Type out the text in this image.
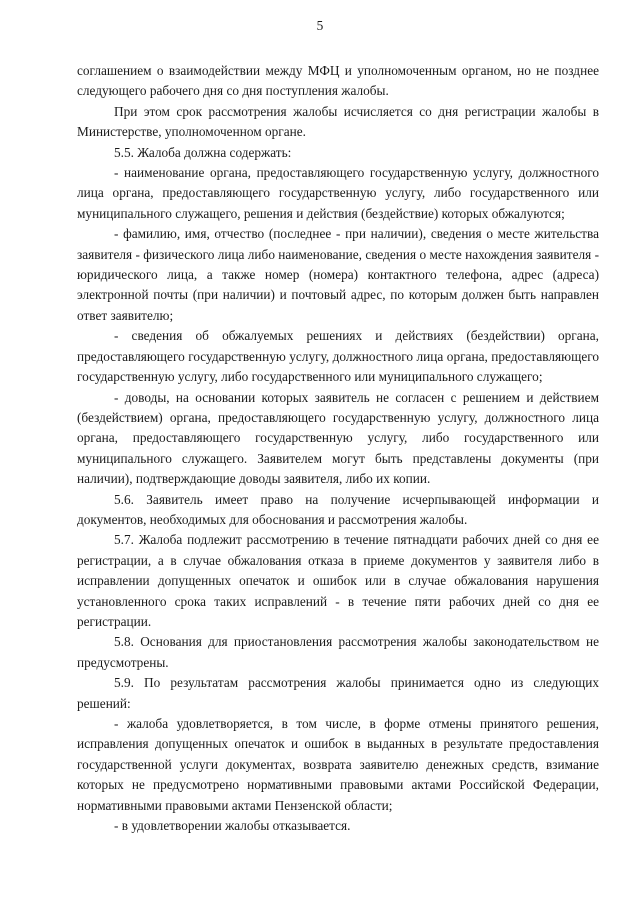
5

соглашением о взаимодействии между МФЦ и уполномоченным органом, но не позднее следующего рабочего дня со дня поступления жалобы.

При этом срок рассмотрения жалобы исчисляется со дня регистрации жалобы в Министерстве, уполномоченном органе.

5.5. Жалоба должна содержать:

- наименование органа, предоставляющего государственную услугу, должностного лица органа, предоставляющего государственную услугу, либо государственного или муниципального служащего, решения и действия (бездействие) которых обжалуются;

- фамилию, имя, отчество (последнее - при наличии), сведения о месте жительства заявителя - физического лица либо наименование, сведения о месте нахождения заявителя - юридического лица, а также номер (номера) контактного телефона, адрес (адреса) электронной почты (при наличии) и почтовый адрес, по которым должен быть направлен ответ заявителю;

- сведения об обжалуемых решениях и действиях (бездействии) органа, предоставляющего государственную услугу, должностного лица органа, предоставляющего государственную услугу, либо государственного или муниципального служащего;

- доводы, на основании которых заявитель не согласен с решением и действием (бездействием) органа, предоставляющего государственную услугу, должностного лица органа, предоставляющего государственную услугу, либо государственного или муниципального служащего. Заявителем могут быть представлены документы (при наличии), подтверждающие доводы заявителя, либо их копии.

5.6. Заявитель имеет право на получение исчерпывающей информации и документов, необходимых для обоснования и рассмотрения жалобы.

5.7. Жалоба подлежит рассмотрению в течение пятнадцати рабочих дней со дня ее регистрации, а в случае обжалования отказа в приеме документов у заявителя либо в исправлении допущенных опечаток и ошибок или в случае обжалования нарушения установленного срока таких исправлений - в течение пяти рабочих дней со дня ее регистрации.

5.8. Основания для приостановления рассмотрения жалобы законодательством не предусмотрены.

5.9. По результатам рассмотрения жалобы принимается одно из следующих решений:

- жалоба удовлетворяется, в том числе, в форме отмены принятого решения, исправления допущенных опечаток и ошибок в выданных в результате предоставления государственной услуги документах, возврата заявителю денежных средств, взимание которых не предусмотрено нормативными правовыми актами Российской Федерации, нормативными правовыми актами Пензенской области;

- в удовлетворении жалобы отказывается.
